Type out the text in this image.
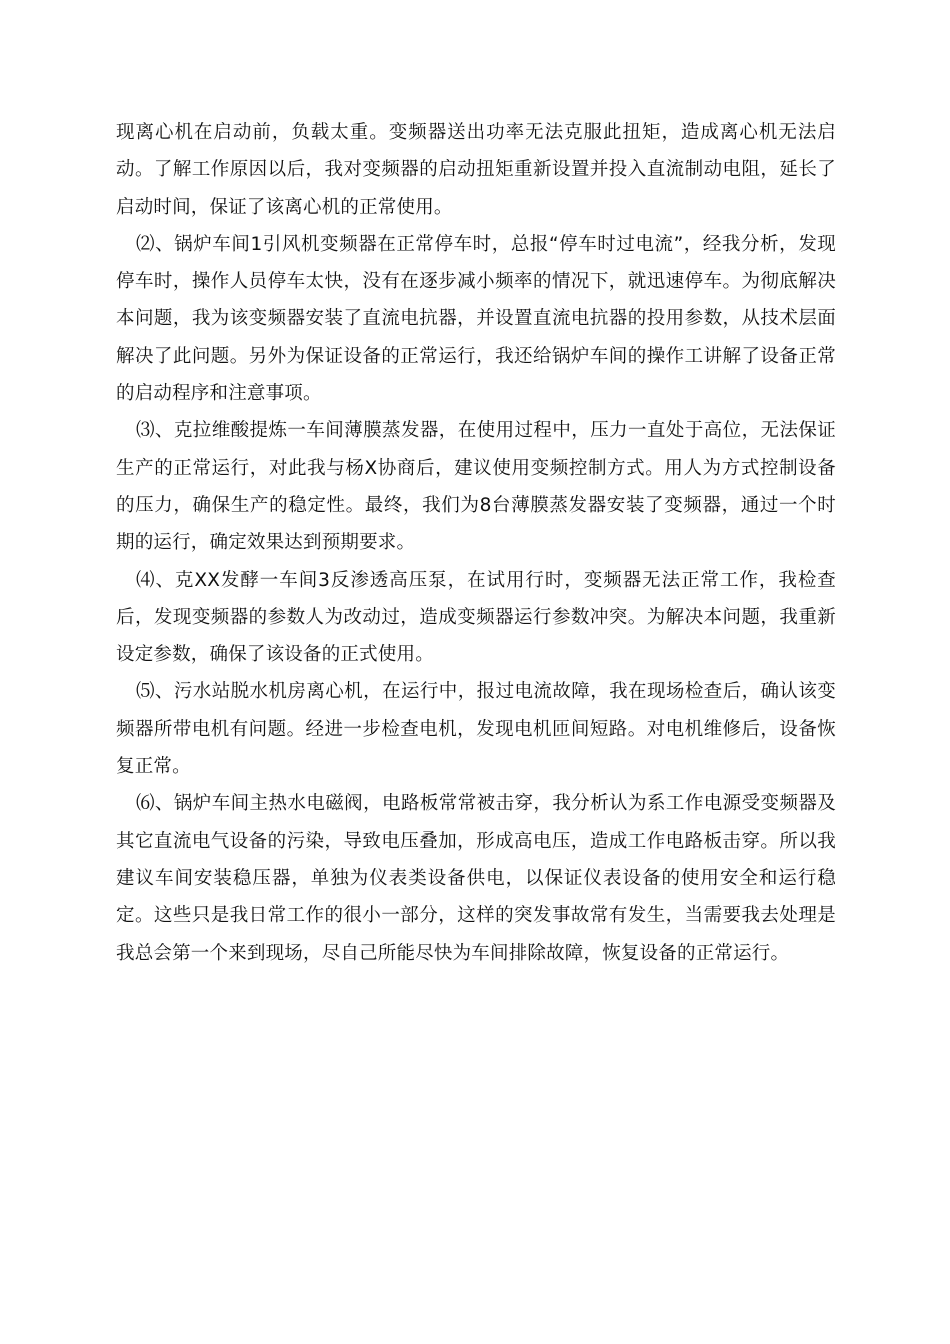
现离心机在启动前，负载太重。变频器送出功率无法克服此扭矩，造成离心机无法启动。了解工作原因以后，我对变频器的启动扭矩重新设置并投入直流制动电阻，延长了启动时间，保证了该离心机的正常使用。

⑵、锅炉车间1引风机变频器在正常停车时，总报“停车时过电流”，经我分析，发现停车时，操作人员停车太快，没有在逐步减小频率的情况下，就迅速停车。为彻底解决本问题，我为该变频器安装了直流电抗器，并设置直流电抗器的投用参数，从技术层面解决了此问题。另外为保证设备的正常运行，我还给锅炉车间的操作工讲解了设备正常的启动程序和注意事项。

⑶、克拉维酸提炼一车间薄膜蒸发器，在使用过程中，压力一直处于高位，无法保证生产的正常运行，对此我与杨X协商后，建议使用变频控制方式。用人为方式控制设备的压力，确保生产的稳定性。最终，我们为8台薄膜蒸发器安装了变频器，通过一个时期的运行，确定效果达到预期要求。

⑷、克XX发酵一车间3反渗透高压泵，在试用行时，变频器无法正常工作，我检查后，发现变频器的参数人为改动过，造成变频器运行参数冲突。为解决本问题，我重新设定参数，确保了该设备的正式使用。

⑸、污水站脱水机房离心机，在运行中，报过电流故障，我在现场检查后，确认该变频器所带电机有问题。经进一步检查电机，发现电机匝间短路。对电机维修后，设备恢复正常。

⑹、锅炉车间主热水电磁阀，电路板常常被击穿，我分析认为系工作电源受变频器及其它直流电气设备的污染，导致电压叠加，形成高电压，造成工作电路板击穿。所以我建议车间安装稳压器，单独为仪表类设备供电，以保证仪表设备的使用安全和运行稳定。这些只是我日常工作的很小一部分，这样的突发事故常有发生，当需要我去处理是我总会第一个来到现场，尽自己所能尽快为车间排除故障，恢复设备的正常运行。
